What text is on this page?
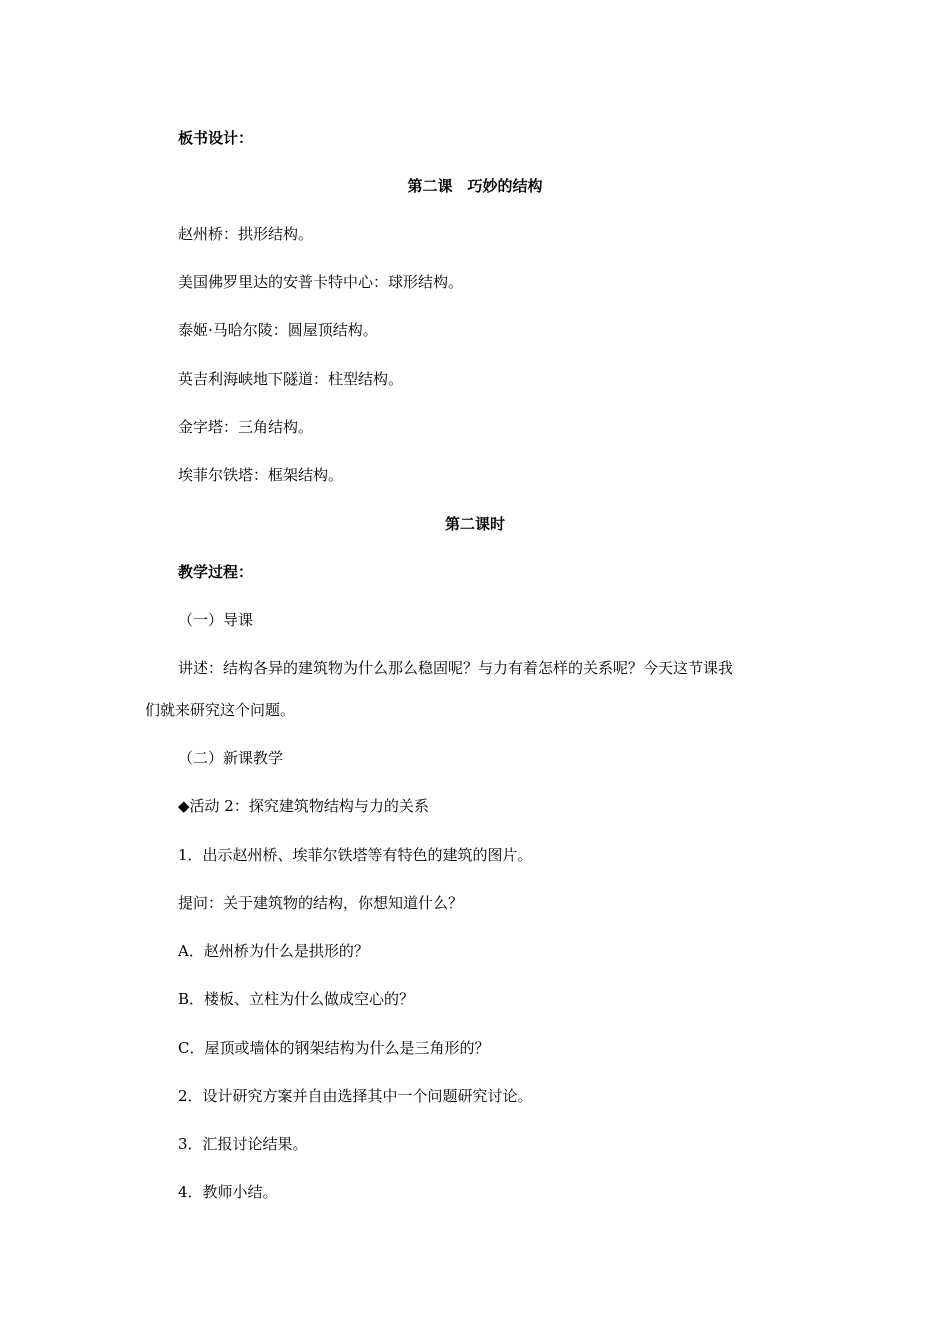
板书设计：
第二课　巧妙的结构
赵州桥：拱形结构。
美国佛罗里达的安普卡特中心：球形结构。
泰姬·马哈尔陵：圆屋顶结构。
英吉利海峡地下隧道：柱型结构。
金字塔：三角结构。
埃菲尔铁塔：框架结构。
第二课时
教学过程：
（一）导课
讲述：结构各异的建筑物为什么那么稳固呢？与力有着怎样的关系呢？今天这节课我
们就来研究这个问题。
（二）新课教学
◆活动 2：探究建筑物结构与力的关系
1．出示赵州桥、埃菲尔铁塔等有特色的建筑的图片。
提问：关于建筑物的结构，你想知道什么？
A．赵州桥为什么是拱形的？
B．楼板、立柱为什么做成空心的？
C．屋顶或墙体的钢架结构为什么是三角形的？
2．设计研究方案并自由选择其中一个问题研究讨论。
3．汇报讨论结果。
4．教师小结。
